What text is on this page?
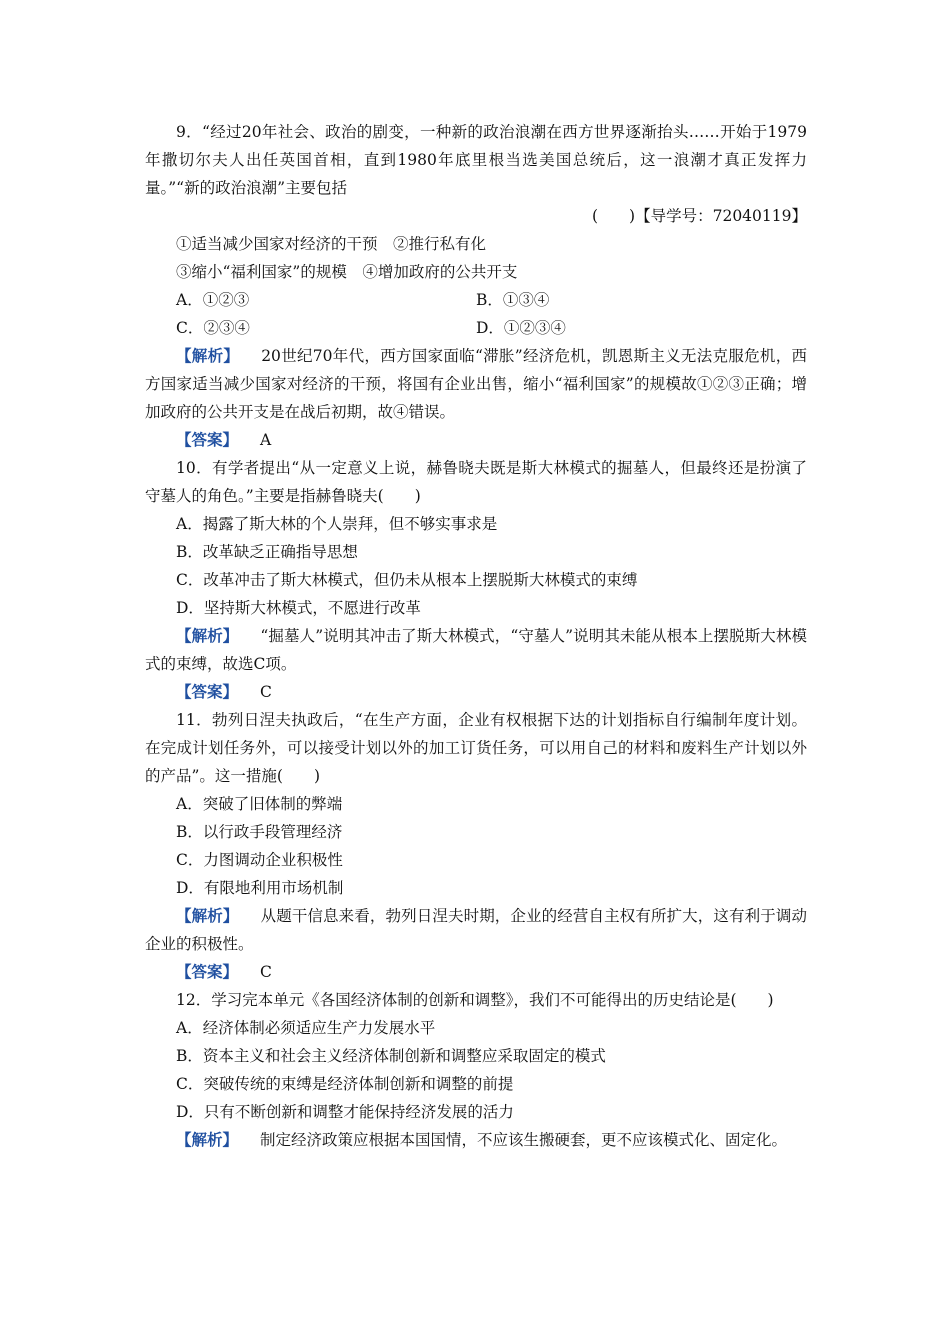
9．“经过20年社会、政治的剧变，一种新的政治浪潮在西方世界逐渐抬头……开始于1979年撒切尔夫人出任英国首相，直到1980年底里根当选美国总统后，这一浪潮才真正发挥力量。”“新的政治浪潮”主要包括

(　　)【导学号：72040119】

①适当减少国家对经济的干预　②推行私有化

③缩小“福利国家”的规模　④增加政府的公共开支

A．①②③	B．①③④
C．②③④	D．①②③④

【解析】 20世纪70年代，西方国家面临“滞胀”经济危机，凯恩斯主义无法克服危机，西方国家适当减少国家对经济的干预，将国有企业出售，缩小“福利国家”的规模故①②③正确；增加政府的公共开支是在战后初期，故④错误。

【答案】 A

10．有学者提出“从一定意义上说，赫鲁晓夫既是斯大林模式的掘墓人，但最终还是扮演了守墓人的角色。”主要是指赫鲁晓夫(　　)

A．揭露了斯大林的个人崇拜，但不够实事求是

B．改革缺乏正确指导思想

C．改革冲击了斯大林模式，但仍未从根本上摆脱斯大林模式的束缚

D．坚持斯大林模式，不愿进行改革

【解析】 “掘墓人”说明其冲击了斯大林模式，“守墓人”说明其未能从根本上摆脱斯大林模式的束缚，故选C项。

【答案】 C

11．勃列日涅夫执政后，“在生产方面，企业有权根据下达的计划指标自行编制年度计划。在完成计划任务外，可以接受计划以外的加工订货任务，可以用自己的材料和废料生产计划以外的产品”。这一措施(　　)

A．突破了旧体制的弊端

B．以行政手段管理经济

C．力图调动企业积极性

D．有限地利用市场机制

【解析】 从题干信息来看，勃列日涅夫时期，企业的经营自主权有所扩大，这有利于调动企业的积极性。

【答案】 C

12．学习完本单元《各国经济体制的创新和调整》，我们不可能得出的历史结论是(　　)

A．经济体制必须适应生产力发展水平

B．资本主义和社会主义经济体制创新和调整应采取固定的模式

C．突破传统的束缚是经济体制创新和调整的前提

D．只有不断创新和调整才能保持经济发展的活力

【解析】 制定经济政策应根据本国国情，不应该生搬硬套，更不应该模式化、固定化。
